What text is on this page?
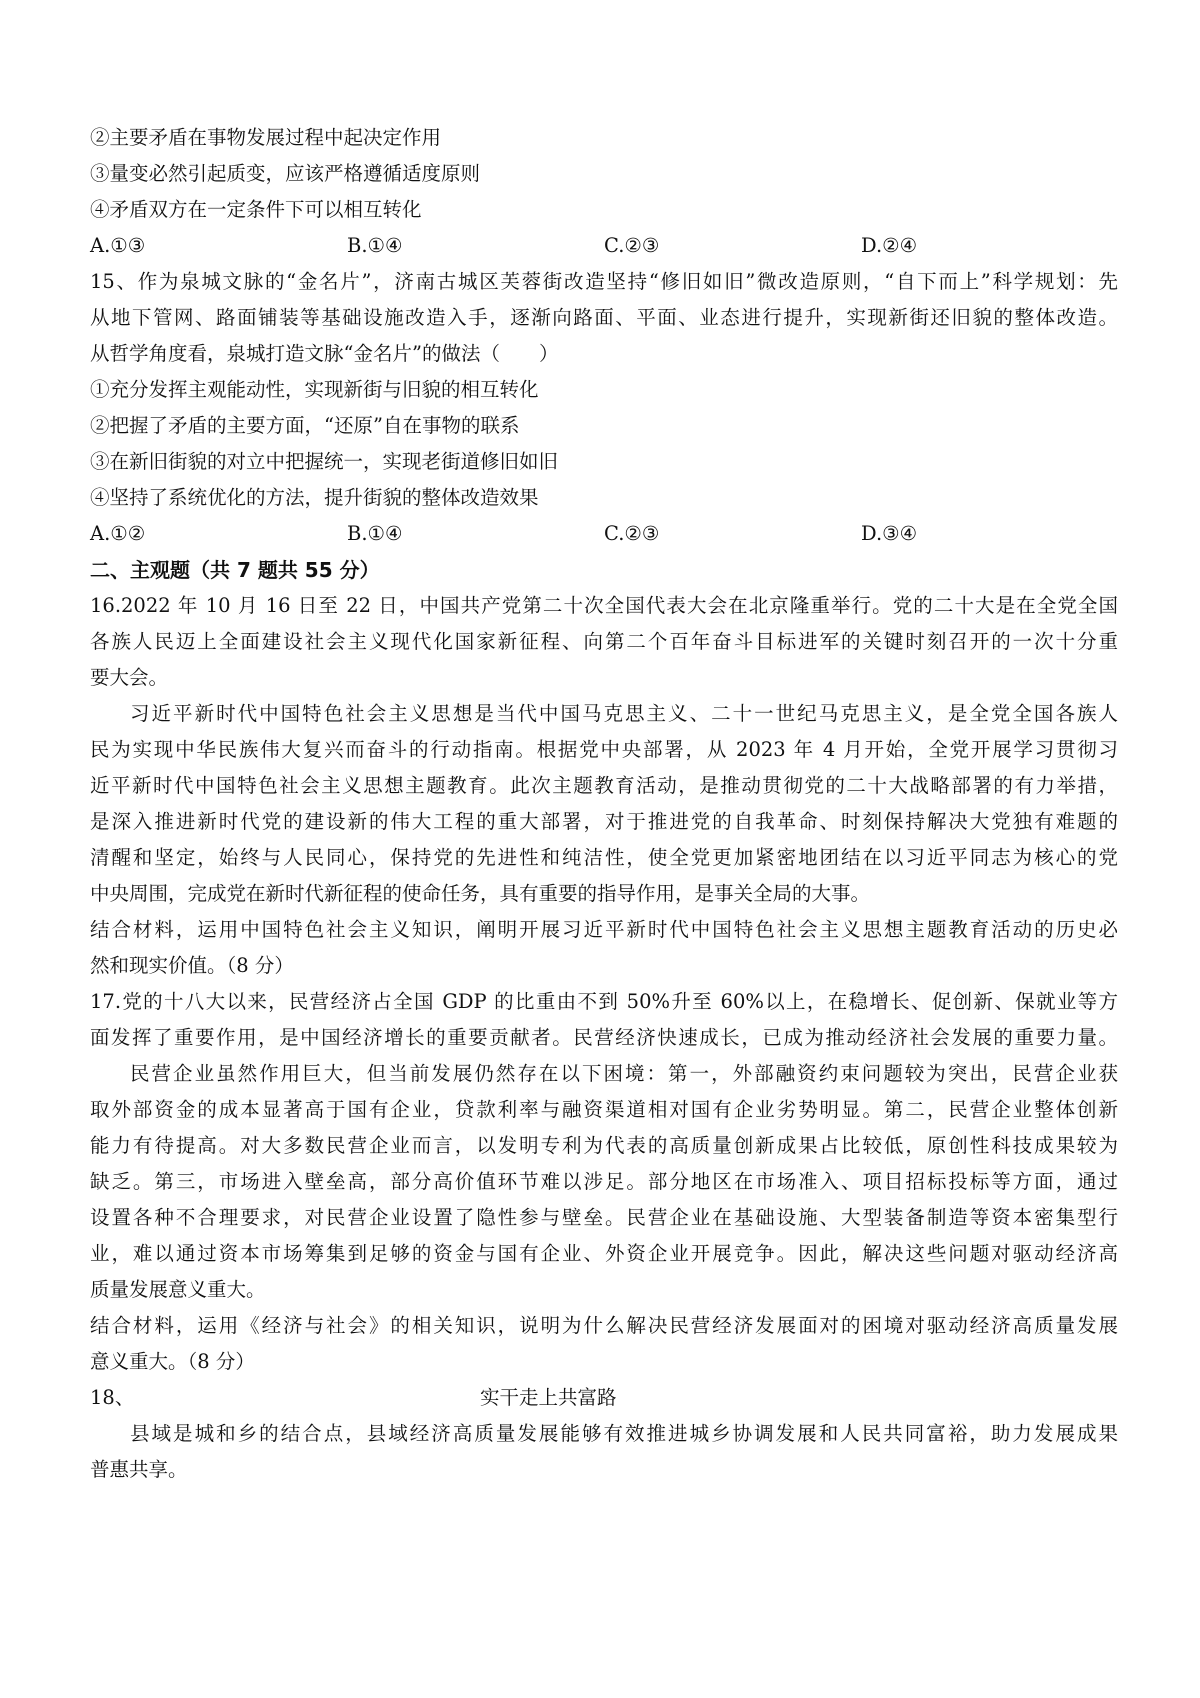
②主要矛盾在事物发展过程中起决定作用
③量变必然引起质变，应该严格遵循适度原则
④矛盾双方在一定条件下可以相互转化
A.①③	B.①④	C.②③	D.②④
15、作为泉城文脉的“金名片”，济南古城区芙蓉街改造坚持“修旧如旧”微改造原则，“自下而上”科学规划：先
从地下管网、路面铺装等基础设施改造入手，逐渐向路面、平面、业态进行提升，实现新街还旧貌的整体改造。
从哲学角度看，泉城打造文脉“金名片”的做法（　　）
①充分发挥主观能动性，实现新街与旧貌的相互转化
②把握了矛盾的主要方面，“还原”自在事物的联系
③在新旧街貌的对立中把握统一，实现老街道修旧如旧
④坚持了系统优化的方法，提升街貌的整体改造效果
A.①②	B.①④	C.②③	D.③④
二、主观题（共 7 题共 55 分）
16.2022 年 10 月 16 日至 22 日，中国共产党第二十次全国代表大会在北京隆重举行。党的二十大是在全党全国
各族人民迈上全面建设社会主义现代化国家新征程、向第二个百年奋斗目标进军的关键时刻召开的一次十分重
要大会。
习近平新时代中国特色社会主义思想是当代中国马克思主义、二十一世纪马克思主义，是全党全国各族人
民为实现中华民族伟大复兴而奋斗的行动指南。根据党中央部署，从 2023 年 4 月开始，全党开展学习贯彻习
近平新时代中国特色社会主义思想主题教育。此次主题教育活动，是推动贯彻党的二十大战略部署的有力举措，
是深入推进新时代党的建设新的伟大工程的重大部署，对于推进党的自我革命、时刻保持解决大党独有难题的
清醒和坚定，始终与人民同心，保持党的先进性和纯洁性，使全党更加紧密地团结在以习近平同志为核心的党
中央周围，完成党在新时代新征程的使命任务，具有重要的指导作用，是事关全局的大事。
结合材料，运用中国特色社会主义知识，阐明开展习近平新时代中国特色社会主义思想主题教育活动的历史必
然和现实价值。（8 分）
17.党的十八大以来，民营经济占全国 GDP 的比重由不到 50%升至 60%以上，在稳增长、促创新、保就业等方
面发挥了重要作用，是中国经济增长的重要贡献者。民营经济快速成长，已成为推动经济社会发展的重要力量。
民营企业虽然作用巨大，但当前发展仍然存在以下困境：第一，外部融资约束问题较为突出，民营企业获
取外部资金的成本显著高于国有企业，贷款利率与融资渠道相对国有企业劣势明显。第二，民营企业整体创新
能力有待提高。对大多数民营企业而言，以发明专利为代表的高质量创新成果占比较低，原创性科技成果较为
缺乏。第三，市场进入壁垒高，部分高价值环节难以涉足。部分地区在市场准入、项目招标投标等方面，通过
设置各种不合理要求，对民营企业设置了隐性参与壁垒。民营企业在基础设施、大型装备制造等资本密集型行
业，难以通过资本市场筹集到足够的资金与国有企业、外资企业开展竞争。因此，解决这些问题对驱动经济高
质量发展意义重大。
结合材料，运用《经济与社会》的相关知识，说明为什么解决民营经济发展面对的困境对驱动经济高质量发展
意义重大。（8 分）
18、	实干走上共富路
县域是城和乡的结合点，县域经济高质量发展能够有效推进城乡协调发展和人民共同富裕，助力发展成果
普惠共享。
